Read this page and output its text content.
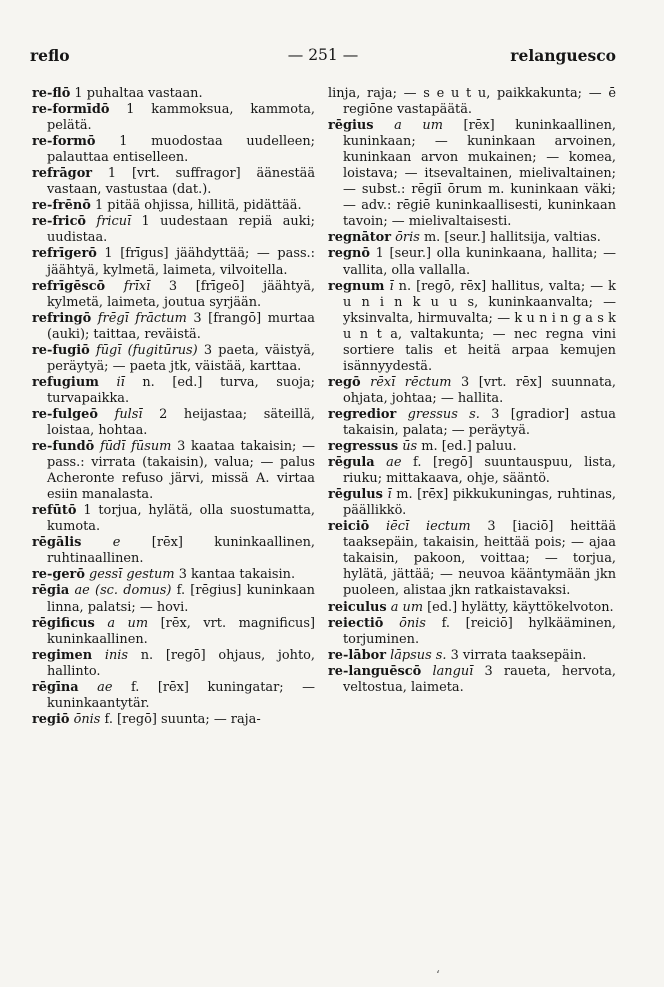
reflo	— 251 —	relanguesco

re-flō 1 puhaltaa vastaan.

re-formīdō 1 kammoksua, kammota, pelätä.

re-formō 1 muodostaa uudelleen; palauttaa entiselleen.

refrāgor 1 [vrt. suffragor] äänestää vastaan, vastustaa (dat.).

re-frēnō 1 pitää ohjissa, hillitä, pidättää.

re-fricō fricuī 1 uudestaan repiä auki; uudistaa.

refrīgerō 1 [frīgus] jäähdyttää; — pass.: jäähtyä, kylmetä, laimeta, vilvoitella.

refrīgēscō frīxī 3 [frīgeō] jäähtyä, kylmetä, laimeta, joutua syrjään.

refringō frēgī frāctum 3 [frangō] murtaa (auki); taittaa, reväistä.

re-fugiō fūgī (fugitūrus) 3 paeta, väistyä, peräytyä; — paeta jtk, väistää, karttaa.

refugium iī n. [ed.] turva, suoja; turvapaikka.

re-fulgeō fulsī 2 heijastaa; säteillä, loistaa, hohtaa.

re-fundō fūdī fūsum 3 kaataa takaisin; — pass.: virrata (takaisin), valua; — palus Acheronte refuso järvi, missä A. virtaa esiin manalasta.

refūtō 1 torjua, hylätä, olla suostumatta, kumota.

rēgālis e [rēx] kuninkaallinen, ruhtinaallinen.

re-gerō gessī gestum 3 kantaa takaisin.

rēgia ae (sc. domus) f. [rēgius] kuninkaan linna, palatsi; — hovi.

rēgificus a um [rēx, vrt. magnificus] kuninkaallinen.

regimen inis n. [regō] ohjaus, johto, hallinto.

rēgīna ae f. [rēx] kuningatar; — kuninkaantytär.

regiō ōnis f. [regō] suunta; — raja-

linja, raja; — s e u t u, paikkakunta; — ē regiōne vastapäätä.

rēgius a um [rēx] kuninkaallinen, kuninkaan; — kuninkaan arvoinen, kuninkaan arvon mukainen; — komea, loistava; — itsevaltainen, mielivaltainen; — subst.: rēgiī ōrum m. kuninkaan väki; — adv.: rēgiē kuninkaallisesti, kuninkaan tavoin; — mielivaltaisesti.

regnātor ōris m. [seur.] hallitsija, valtias.

regnō 1 [seur.] olla kuninkaana, hallita; — vallita, olla vallalla.

regnum ī n. [regō, rēx] hallitus, valta; — k u n i n k u u s, kuninkaanvalta; — yksinvalta, hirmuvalta; — k u n i n g a s k u n t a, valtakunta; — nec regna vini sortiere talis et heitä arpaa kemujen isännyydestä.

regō rēxī rēctum 3 [vrt. rēx] suunnata, ohjata, johtaa; — hallita.

regredior gressus s. 3 [gradior] astua takaisin, palata; — peräytyä.

regressus ūs m. [ed.] paluu.

rēgula ae f. [regō] suuntauspuu, lista, riuku; mittakaava, ohje, sääntö.

rēgulus ī m. [rēx] pikkukuningas, ruhtinas, päällikkö.

reiciō iēcī iectum 3 [iaciō] heittää taaksepäin, takaisin, heittää pois; — ajaa takaisin, pakoon, voittaa; — torjua, hylätä, jättää; — neuvoa kääntymään jkn puoleen, alistaa jkn ratkaistavaksi.

reiculus a um [ed.] hylätty, käyttökelvoton.

reiectiō ōnis f. [reiciō] hylkääminen, torjuminen.

re-lābor lāpsus s. 3 virrata taaksepäin.

re-languēscō languī 3 raueta, hervota, veltostua, laimeta.

ʻ
